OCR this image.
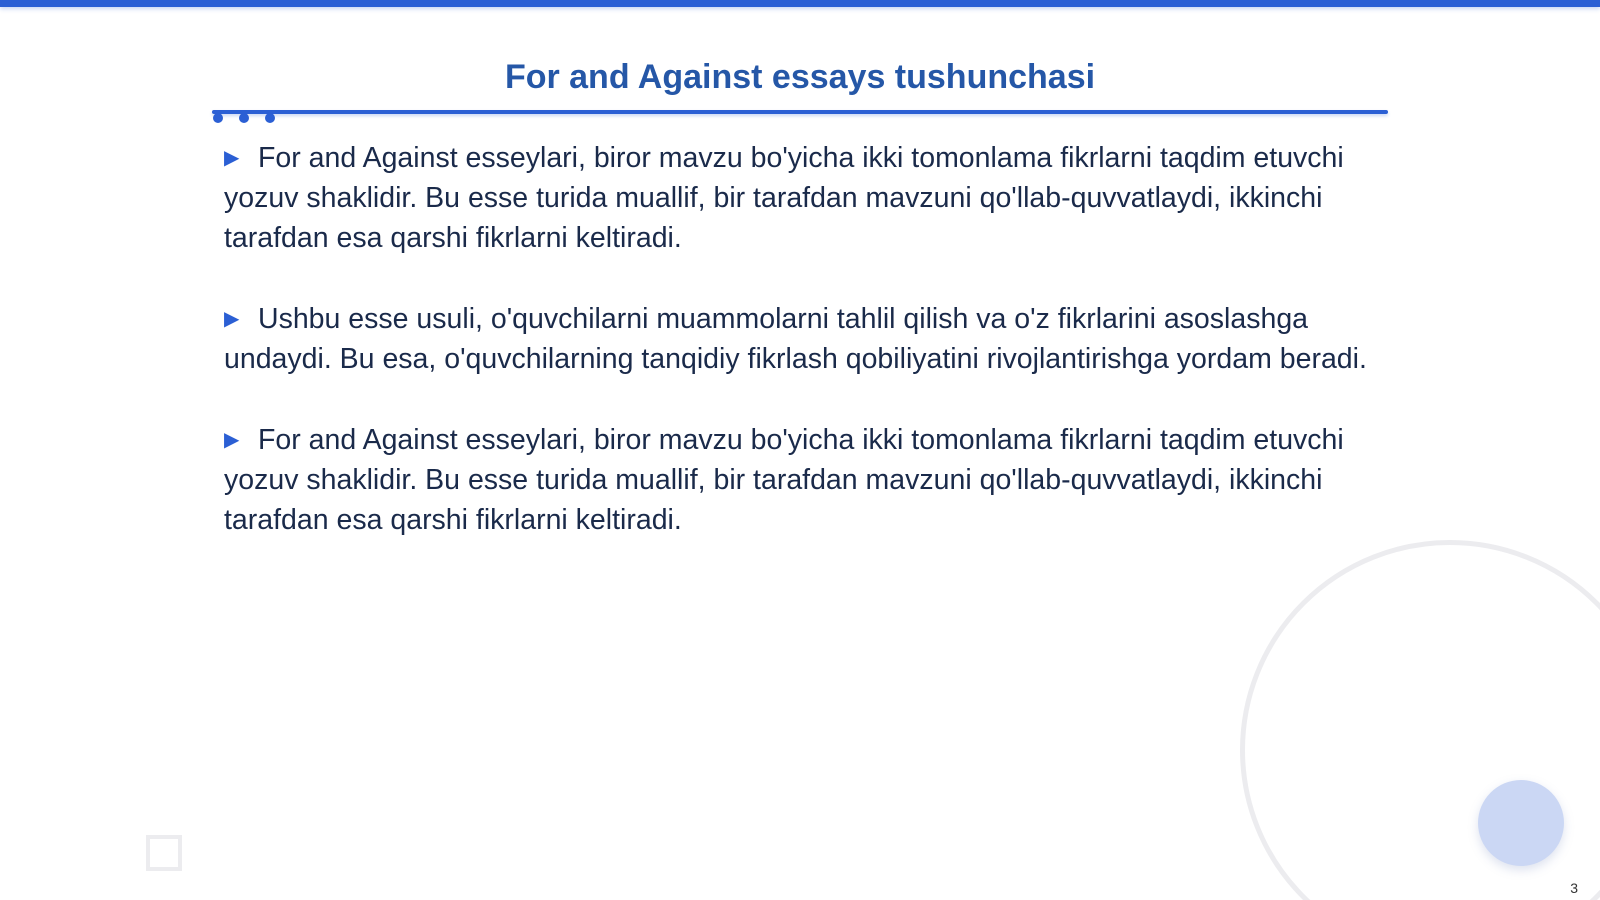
For and Against essays tushunchasi
▶ For and Against esseylari, biror mavzu bo'yicha ikki tomonlama fikrlarni taqdim etuvchi yozuv shaklidir. Bu esse turida muallif, bir tarafdan mavzuni qo'llab-quvvatlaydi, ikkinchi tarafdan esa qarshi fikrlarni keltiradi.
▶ Ushbu esse usuli, o'quvchilarni muammolarni tahlil qilish va o'z fikrlarini asoslashga undaydi. Bu esa, o'quvchilarning tanqidiy fikrlash qobiliyatini rivojlantirishga yordam beradi.
▶ For and Against esseylari, biror mavzu bo'yicha ikki tomonlama fikrlarni taqdim etuvchi yozuv shaklidir. Bu esse turida muallif, bir tarafdan mavzuni qo'llab-quvvatlaydi, ikkinchi tarafdan esa qarshi fikrlarni keltiradi.
3
